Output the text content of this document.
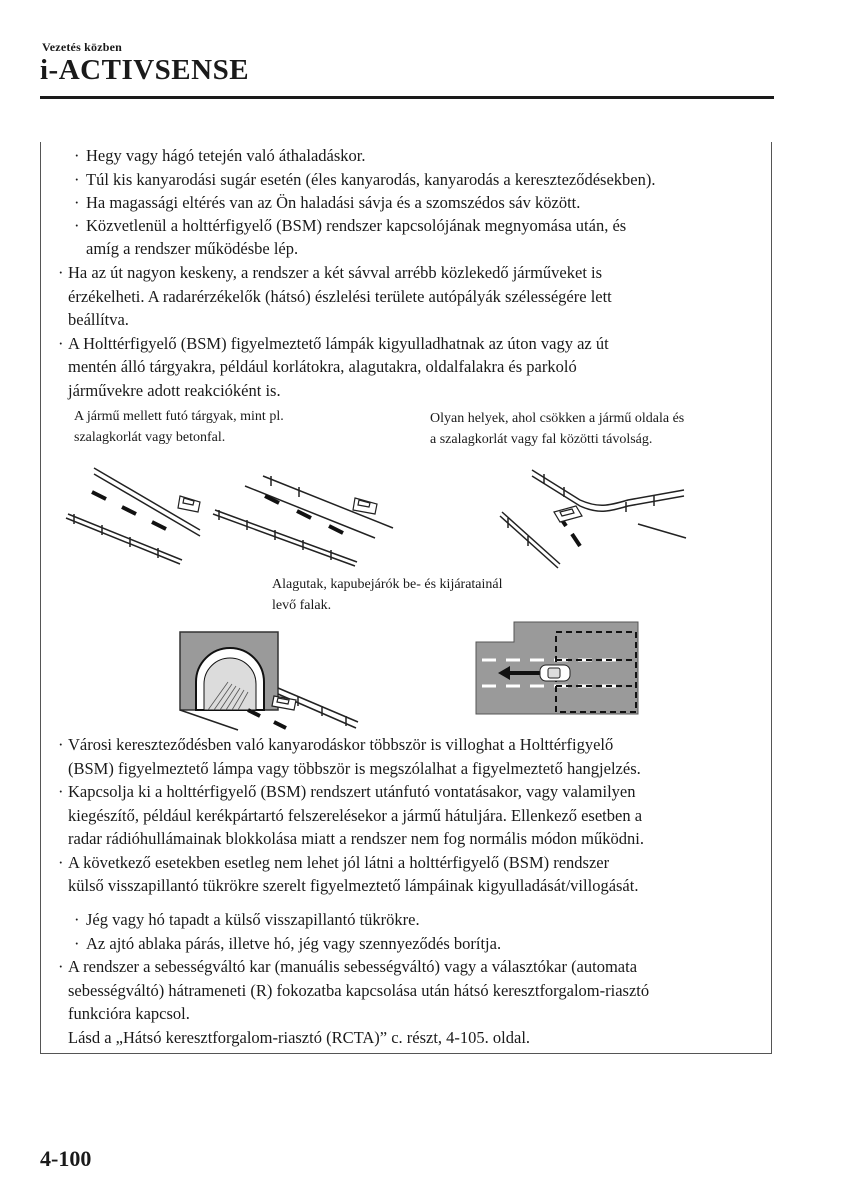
Vezetés közben
i-ACTIVSENSE
· Hegy vagy hágó tetején való áthaladáskor.
· Túl kis kanyarodási sugár esetén (éles kanyarodás, kanyarodás a kereszteződésekben).
· Ha magassági eltérés van az Ön haladási sávja és a szomszédos sáv között.
· Közvetlenül a holttérfigyelő (BSM) rendszer kapcsolójának megnyomása után, és
amíg a rendszer működésbe lép.
· Ha az út nagyon keskeny, a rendszer a két sávval arrébb közlekedő járműveket is
érzékelheti. A radarérzékelők (hátsó) észlelési területe autópályák szélességére lett
beállítva.
· A Holttérfigyelő (BSM) figyelmeztető lámpák kigyulladhatnak az úton vagy az út
mentén álló tárgyakra, például korlátokra, alagutakra, oldalfalakra és parkoló
járművekre adott reakcióként is.
A jármű mellett futó tárgyak, mint pl.
szalagkorlát vagy betonfal.
Olyan helyek, ahol csökken a jármű oldala és
a szalagkorlát vagy fal közötti távolság.
Alagutak, kapubejárók be- és kijáratainál
levő falak.
· Városi kereszteződésben való kanyarodáskor többször is villoghat a Holttérfigyelő
(BSM) figyelmeztető lámpa vagy többször is megszólalhat a figyelmeztető hangjelzés.
· Kapcsolja ki a holttérfigyelő (BSM) rendszert utánfutó vontatásakor, vagy valamilyen
kiegészítő, például kerékpártartó felszerelésekor a jármű hátuljára. Ellenkező esetben a
radar rádióhullámainak blokkolása miatt a rendszer nem fog normális módon működni.
· A következő esetekben esetleg nem lehet jól látni a holttérfigyelő (BSM) rendszer
külső visszapillantó tükrökre szerelt figyelmeztető lámpáinak kigyulladását/villogását.
· Jég vagy hó tapadt a külső visszapillantó tükrökre.
· Az ajtó ablaka párás, illetve hó, jég vagy szennyeződés borítja.
· A rendszer a sebességváltó kar (manuális sebességváltó) vagy a választókar (automata
sebességváltó) hátrameneti (R) fokozatba kapcsolása után hátsó keresztforgalom-riasztó
funkcióra kapcsol.
Lásd a „Hátsó keresztforgalom-riasztó (RCTA)” c. részt, 4-105. oldal.
4-100
